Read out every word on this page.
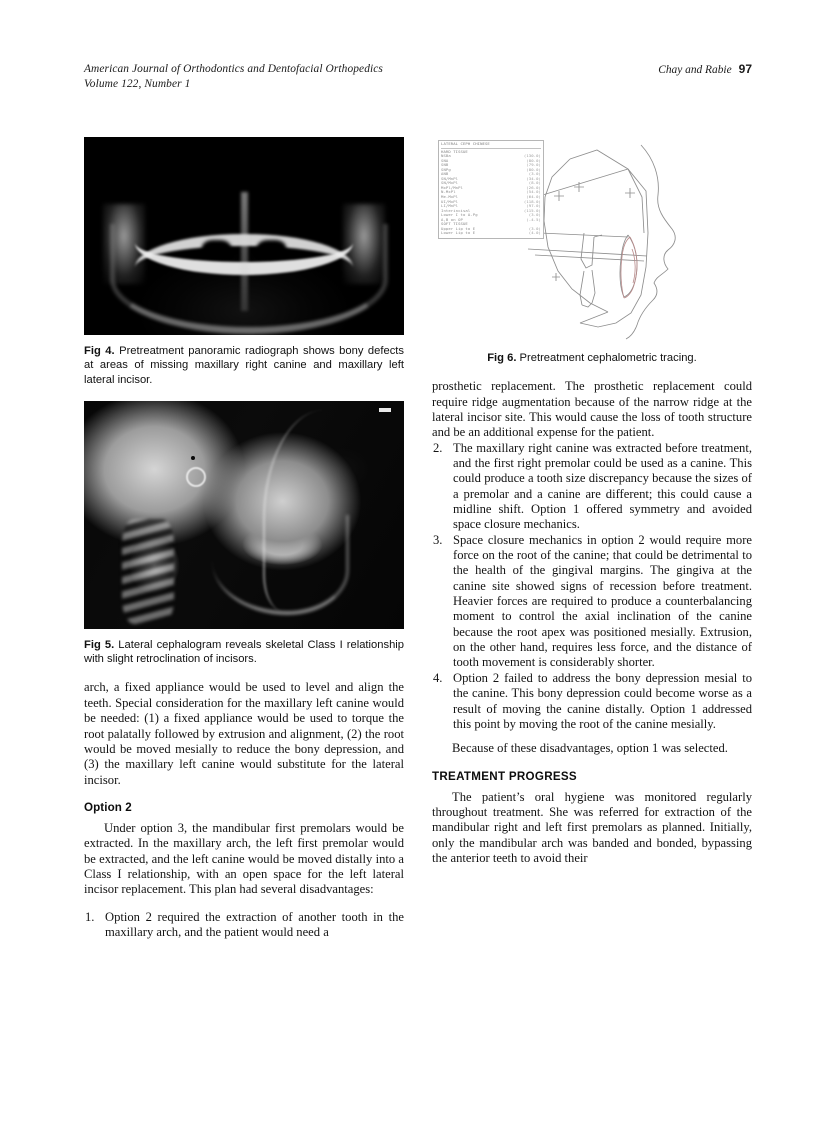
American Journal of Orthodontics and Dentofacial Orthopedics
Volume 122, Number 1
Chay and Rabie 97
Fig 4. Pretreatment panoramic radiograph shows bony defects at areas of missing maxillary right canine and maxillary left lateral incisor.
Fig 5. Lateral cephalogram reveals skeletal Class I relationship with slight retroclination of incisors.

arch, a fixed appliance would be used to level and align the teeth. Special consideration for the maxillary left canine would be needed: (1) a fixed appliance would be used to torque the root palatally followed by extrusion and alignment, (2) the root would be moved mesially to reduce the bony depression, and (3) the maxillary left canine would substitute for the lateral incisor.

Option 2

Under option 3, the mandibular first premolars would be extracted. In the maxillary arch, the left first premolar would be extracted, and the left canine would be moved distally into a Class I relationship, with an open space for the left lateral incisor replacement. This plan had several disadvantages:

Option 2 required the extraction of another tooth in the maxillary arch, and the patient would need a
LATERAL CEPH CHINESE
HARD TISSUE
NSBa	(130.0)
SNA	(80.0)
SNB	(79.0)
SNPg	(80.0)
ANB	(3.0)
SN/MnPl	(34.0)
SN/MxPl	(8.0)
MxPl/MnPl	(26.0)
N-MxPl	(54.0)
Me-MxPl	(64.0)
UI/MxPl	(118.0)
LI/MnPl	(97.0)
Interincisal	(115.0)
Lower I to A-Pg	(3.0)
A,B on OP	(-4.5)
SOFT TISSUE
Upper Lip to E	(3.0)
Lower Lip to E	(4.0)
Fig 6. Pretreatment cephalometric tracing.

prosthetic replacement. The prosthetic replacement could require ridge augmentation because of the narrow ridge at the lateral incisor site. This would cause the loss of tooth structure and be an additional expense for the patient.

The maxillary right canine was extracted before treatment, and the first right premolar could be used as a canine. This could produce a tooth size discrepancy because the sizes of a premolar and a canine are different; this could cause a midline shift. Option 1 offered symmetry and avoided space closure mechanics.
Space closure mechanics in option 2 would require more force on the root of the canine; that could be detrimental to the health of the gingival margins. The gingiva at the canine site showed signs of recession before treatment. Heavier forces are required to produce a counterbalancing moment to control the axial inclination of the canine because the root apex was positioned mesially. Extrusion, on the other hand, requires less force, and the distance of tooth movement is considerably shorter.
Option 2 failed to address the bony depression mesial to the canine. This bony depression could become worse as a result of moving the canine distally. Option 1 addressed this point by moving the root of the canine mesially.

Because of these disadvantages, option 1 was selected.

TREATMENT PROGRESS

The patient’s oral hygiene was monitored regularly throughout treatment. She was referred for extraction of the mandibular right and left first premolars as planned. Initially, only the mandibular arch was banded and bonded, bypassing the anterior teeth to avoid their
